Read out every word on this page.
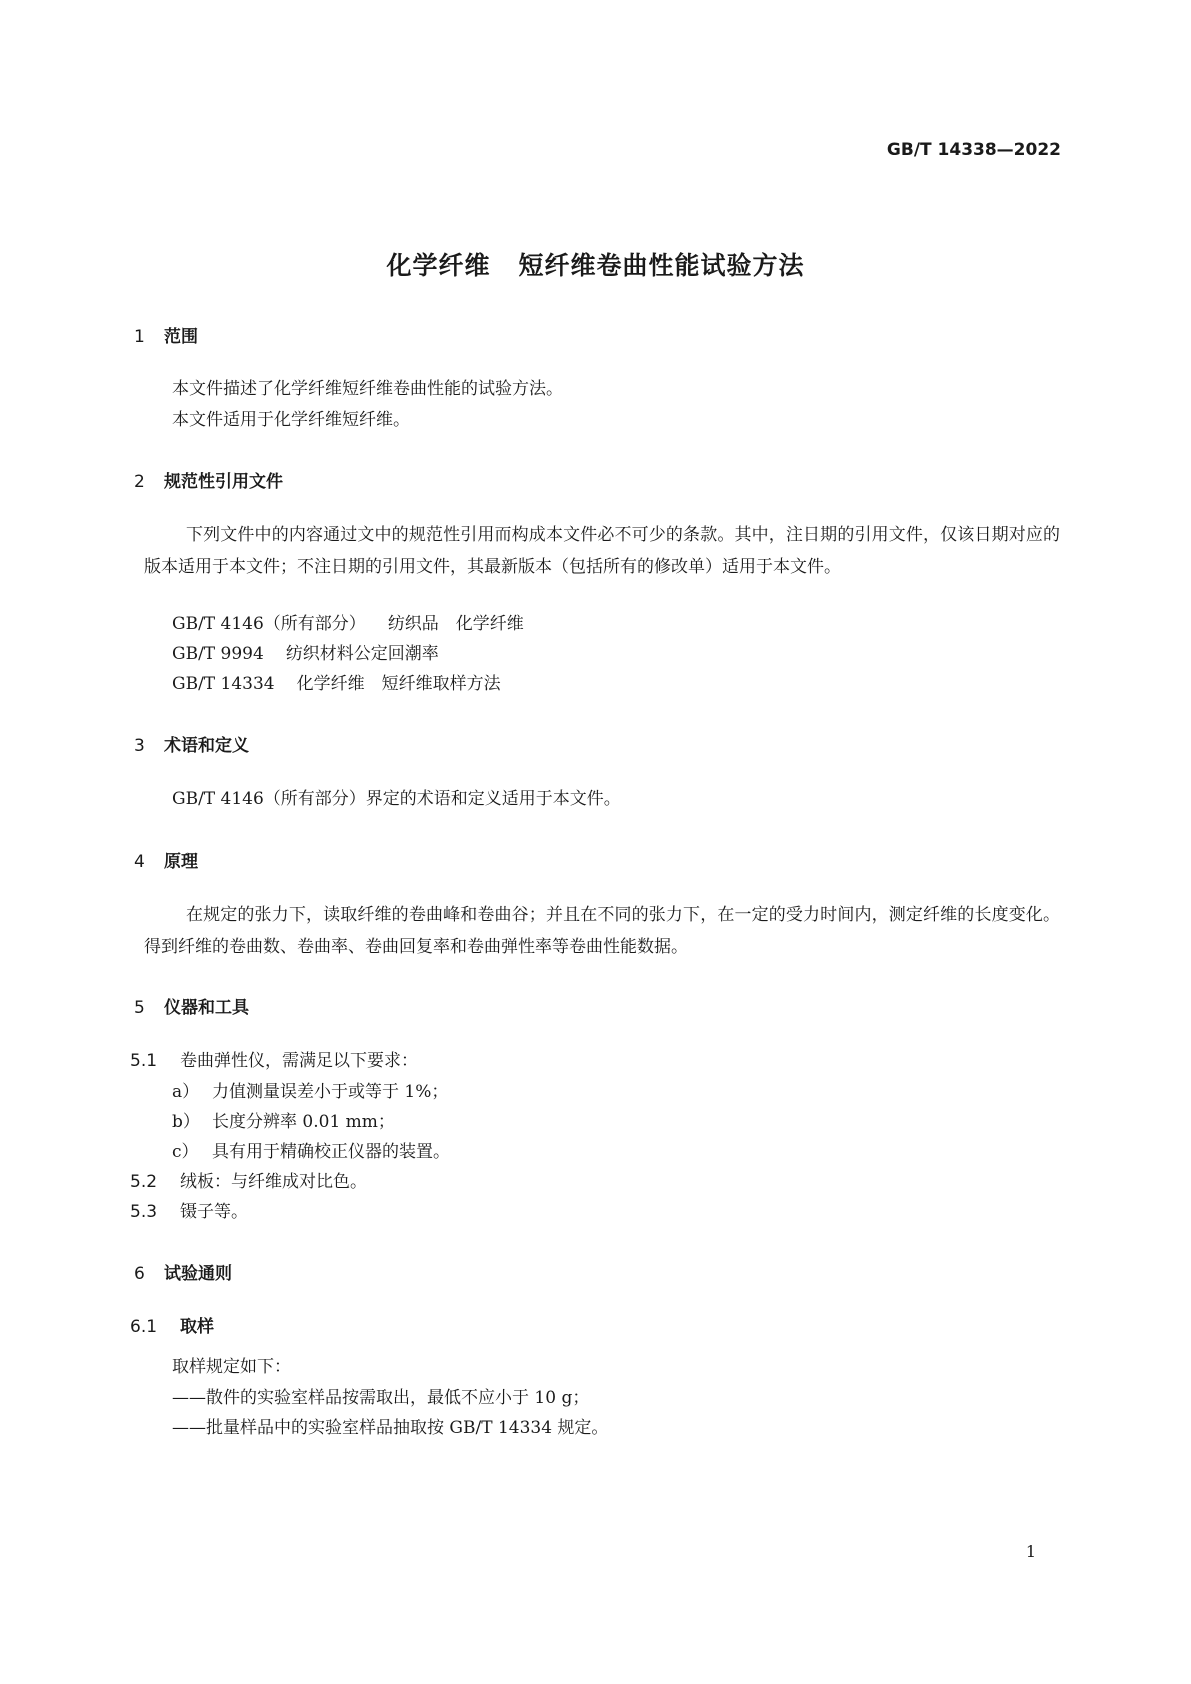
GB/T 14338—2022
化学纤维 短纤维卷曲性能试验方法
1 范围
本文件描述了化学纤维短纤维卷曲性能的试验方法。
本文件适用于化学纤维短纤维。
2 规范性引用文件
下列文件中的内容通过文中的规范性引用而构成本文件必不可少的条款。其中，注日期的引用文件，仅该日期对应的版本适用于本文件；不注日期的引用文件，其最新版本（包括所有的修改单）适用于本文件。
GB/T 4146（所有部分） 纺织品　化学纤维
GB/T 9994 纺织材料公定回潮率
GB/T 14334 化学纤维　短纤维取样方法
3 术语和定义
GB/T 4146（所有部分）界定的术语和定义适用于本文件。
4 原理
在规定的张力下，读取纤维的卷曲峰和卷曲谷；并且在不同的张力下，在一定的受力时间内，测定纤维的长度变化。得到纤维的卷曲数、卷曲率、卷曲回复率和卷曲弹性率等卷曲性能数据。
5 仪器和工具
5.1 卷曲弹性仪，需满足以下要求：
a） 力值测量误差小于或等于 1%；
b） 长度分辨率 0.01 mm；
c） 具有用于精确校正仪器的装置。
5.2 绒板：与纤维成对比色。
5.3 镊子等。
6 试验通则
6.1 取样
取样规定如下：
——散件的实验室样品按需取出，最低不应小于 10 g；
——批量样品中的实验室样品抽取按 GB/T 14334 规定。
1
